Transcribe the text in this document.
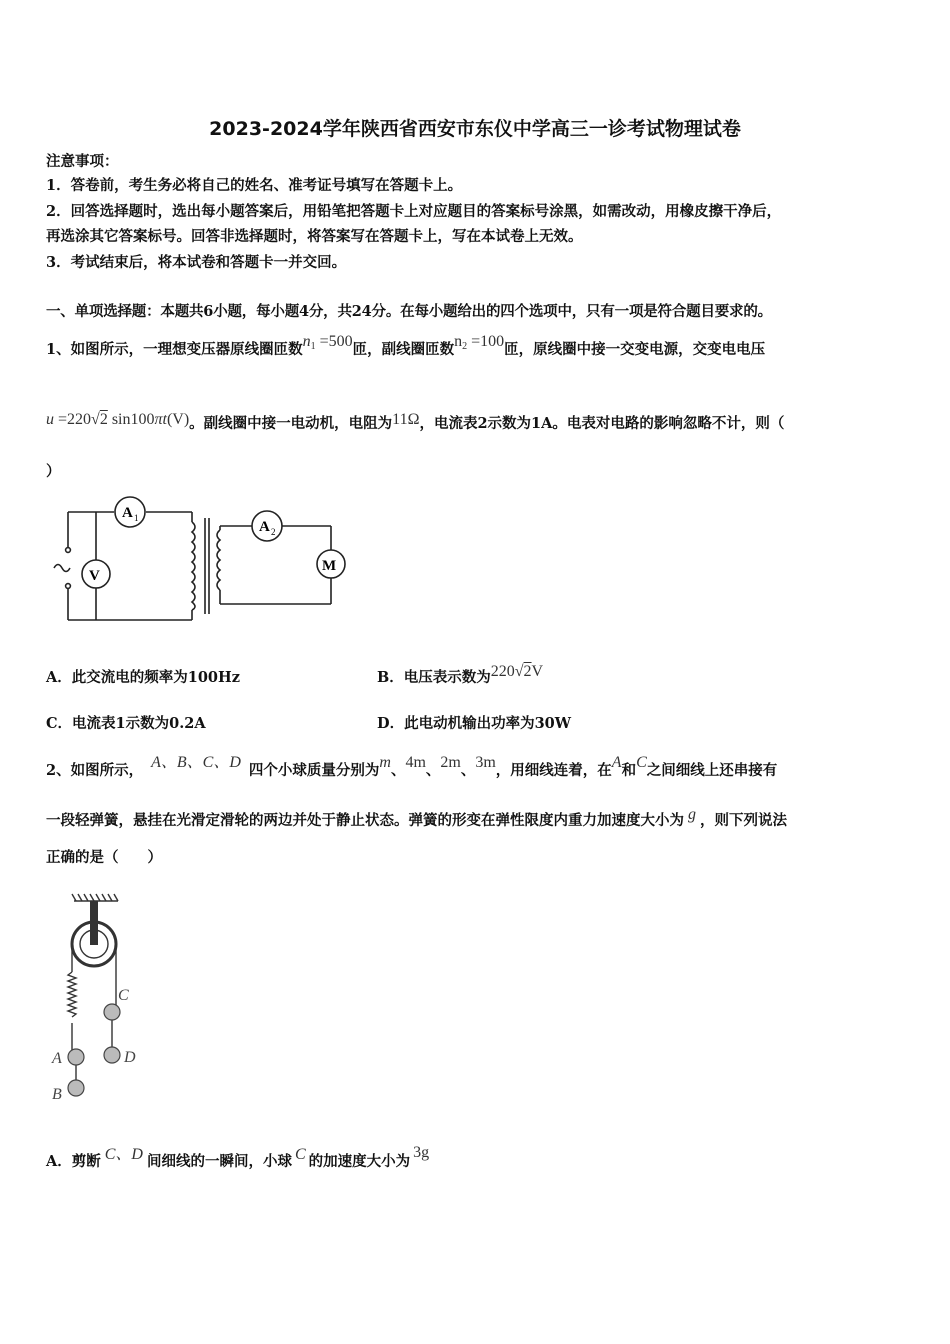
2023-2024学年陕西省西安市东仪中学高三一诊考试物理试卷
注意事项：
1．答卷前，考生务必将自己的姓名、准考证号填写在答题卡上。
2．回答选择题时，选出每小题答案后，用铅笔把答题卡上对应题目的答案标号涂黑，如需改动，用橡皮擦干净后，
再选涂其它答案标号。回答非选择题时，将答案写在答题卡上，写在本试卷上无效。
3．考试结束后，将本试卷和答题卡一并交回。
一、单项选择题：本题共6小题，每小题4分，共24分。在每小题给出的四个选项中，只有一项是符合题目要求的。
1、如图所示，一理想变压器原线圈匝数$n_1 =500$匝，副线圈匝数$n_2 =100$匝，原线圈中接一交变电源，交变电电压
u =220√2 sin100πt(V)。副线圈中接一电动机，电阻为11Ω，电流表2示数为1A。电表对电路的影响忽略不计，则（
）
A 1
V
A 2
M
A．此交流电的频率为100Hz	B．电压表示数为220√2V
C．电流表1示数为0.2A	D．此电动机输出功率为30W
2、如图所示， A、B、C、D 四个小球质量分别为m、4m、2m、3m，用细线连着，在A和C之间细线上还串接有
一段轻弹簧，悬挂在光滑定滑轮的两边并处于静止状态。弹簧的形变在弹性限度内重力加速度大小为 g ，则下列说法
正确的是（　　）
A
B
C
D
A．剪断 C、D 间细线的一瞬间，小球 C 的加速度大小为3g
